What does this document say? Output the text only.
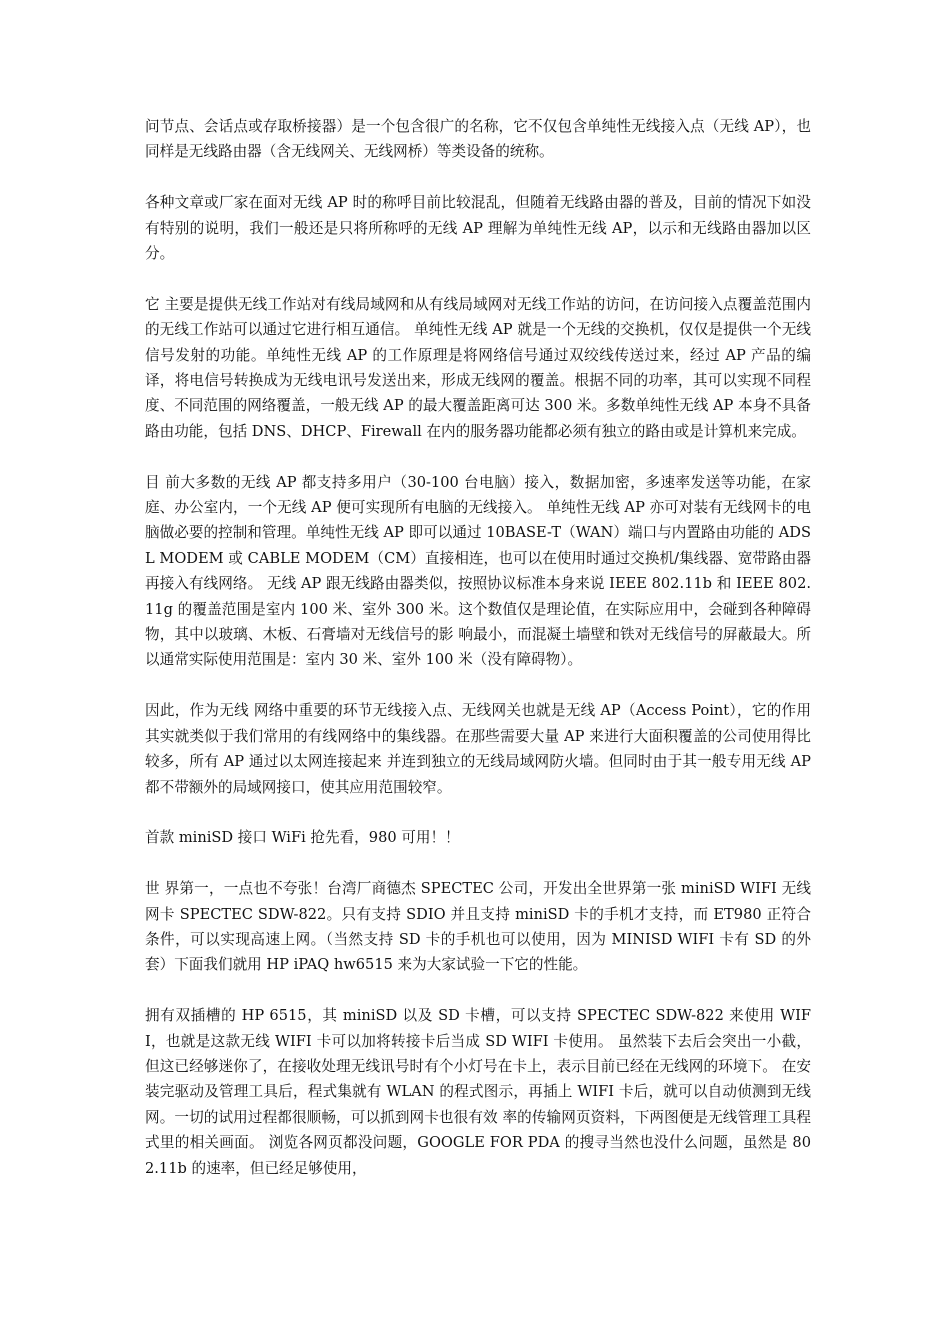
问节点、会话点或存取桥接器）是一个包含很广的名称，它不仅包含单纯性无线接入点（无线 AP），也同样是无线路由器（含无线网关、无线网桥）等类设备的统称。

各种文章或厂家在面对无线 AP 时的称呼目前比较混乱，但随着无线路由器的普及，目前的情况下如没有特别的说明，我们一般还是只将所称呼的无线 AP 理解为单纯性无线 AP，以示和无线路由器加以区分。

它 主要是提供无线工作站对有线局域网和从有线局域网对无线工作站的访问，在访问接入点覆盖范围内的无线工作站可以通过它进行相互通信。 单纯性无线 AP 就是一个无线的交换机，仅仅是提供一个无线信号发射的功能。单纯性无线 AP 的工作原理是将网络信号通过双绞线传送过来，经过 AP 产品的编 译，将电信号转换成为无线电讯号发送出来，形成无线网的覆盖。根据不同的功率，其可以实现不同程度、不同范围的网络覆盖，一般无线 AP 的最大覆盖距离可达 300 米。多数单纯性无线 AP 本身不具备路由功能，包括 DNS、DHCP、Firewall 在内的服务器功能都必须有独立的路由或是计算机来完成。

目 前大多数的无线 AP 都支持多用户（30-100 台电脑）接入，数据加密，多速率发送等功能，在家庭、办公室内，一个无线 AP 便可实现所有电脑的无线接入。 单纯性无线 AP 亦可对装有无线网卡的电脑做必要的控制和管理。单纯性无线 AP 即可以通过 10BASE-T（WAN）端口与内置路由功能的 ADSL MODEM 或 CABLE MODEM（CM）直接相连，也可以在使用时通过交换机/集线器、宽带路由器再接入有线网络。 无线 AP 跟无线路由器类似，按照协议标准本身来说 IEEE 802.11b 和 IEEE 802.11g 的覆盖范围是室内 100 米、室外 300 米。这个数值仅是理论值，在实际应用中，会碰到各种障碍物，其中以玻璃、木板、石膏墙对无线信号的影 响最小，而混凝土墙壁和铁对无线信号的屏蔽最大。所以通常实际使用范围是：室内 30 米、室外 100 米（没有障碍物）。

因此，作为无线 网络中重要的环节无线接入点、无线网关也就是无线 AP（Access Point），它的作用其实就类似于我们常用的有线网络中的集线器。在那些需要大量 AP 来进行大面积覆盖的公司使用得比较多，所有 AP 通过以太网连接起来 并连到独立的无线局域网防火墙。但同时由于其一般专用无线 AP 都不带额外的局域网接口，使其应用范围较窄。

首款 miniSD 接口 WiFi 抢先看，980 可用！！

世 界第一，一点也不夸张！台湾厂商德杰 SPECTEC 公司，开发出全世界第一张 miniSD WIFI 无线网卡 SPECTEC SDW-822。只有支持 SDIO 并且支持 miniSD 卡的手机才支持，而 ET980 正符合条件，可以实现高速上网。（当然支持 SD 卡的手机也可以使用，因为 MINISD WIFI 卡有 SD 的外套）下面我们就用 HP iPAQ hw6515 来为大家试验一下它的性能。

拥有双插槽的 HP 6515，其 miniSD 以及 SD 卡槽，可以支持 SPECTEC SDW-822 来使用 WIFI，也就是这款无线 WIFI 卡可以加将转接卡后当成 SD WIFI 卡使用。 虽然装下去后会突出一小截，但这已经够迷你了，在接收处理无线讯号时有个小灯号在卡上，表示目前已经在无线网的环境下。 在安装完驱动及管理工具后，程式集就有 WLAN 的程式图示，再插上 WIFI 卡后，就可以自动侦测到无线网。一切的试用过程都很顺畅，可以抓到网卡也很有效 率的传输网页资料，下两图便是无线管理工具程式里的相关画面。 浏览各网页都没问题，GOOGLE FOR PDA 的搜寻当然也没什么问题，虽然是 802.11b 的速率，但已经足够使用，
